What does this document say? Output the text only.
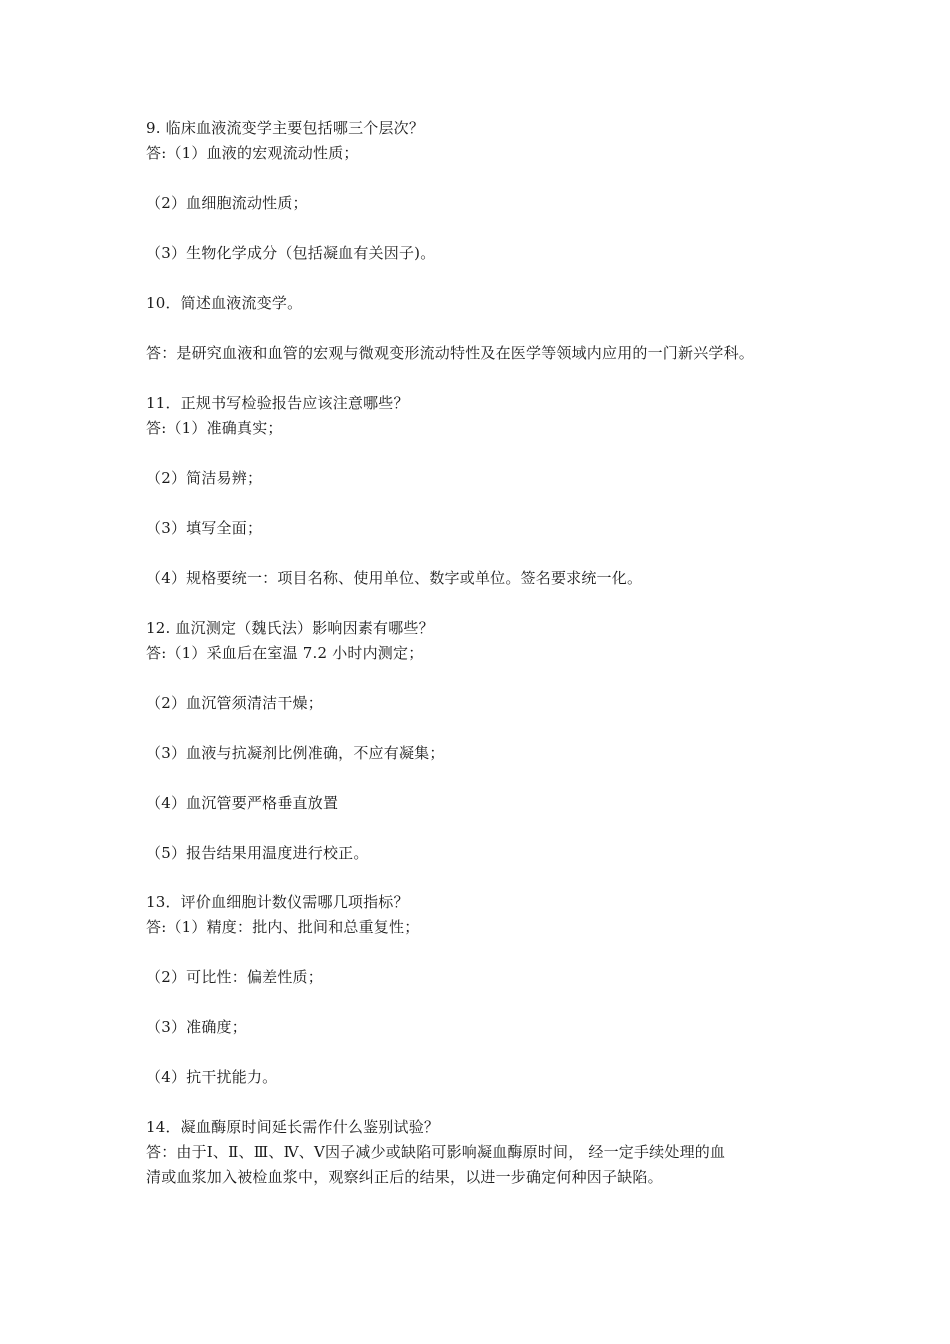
9. 临床血液流变学主要包括哪三个层次？
答:（1）血液的宏观流动性质；
（2）血细胞流动性质；
（3）生物化学成分（包括凝血有关因子)。
10．简述血液流变学。
答：是研究血液和血管的宏观与微观变形流动特性及在医学等领域内应用的一门新兴学科。
11．正规书写检验报告应该注意哪些？
答:（1）准确真实；
（2）简洁易辨；
（3）填写全面；
（4）规格要统一：项目名称、使用单位、数字或单位。签名要求统一化。
12. 血沉测定（魏氏法）影响因素有哪些？
答:（1）采血后在室温 7.2 小时内测定；
（2）血沉管须清洁干燥；
（3）血液与抗凝剂比例准确，不应有凝集；
（4）血沉管要严格垂直放置
（5）报告结果用温度进行校正。
13．评价血细胞计数仪需哪几项指标？
答:（1）精度：批内、批间和总重复性；
（2）可比性：偏差性质；
（3）准确度；
（4）抗干扰能力。
14．凝血酶原时间延长需作什么鉴别试验？
答：由于Ⅰ、Ⅱ、Ⅲ、Ⅳ、Ⅴ因子减少或缺陷可影响凝血酶原时间， 经一定手续处理的血
清或血浆加入被检血浆中，观察纠正后的结果，以进一步确定何种因子缺陷。
